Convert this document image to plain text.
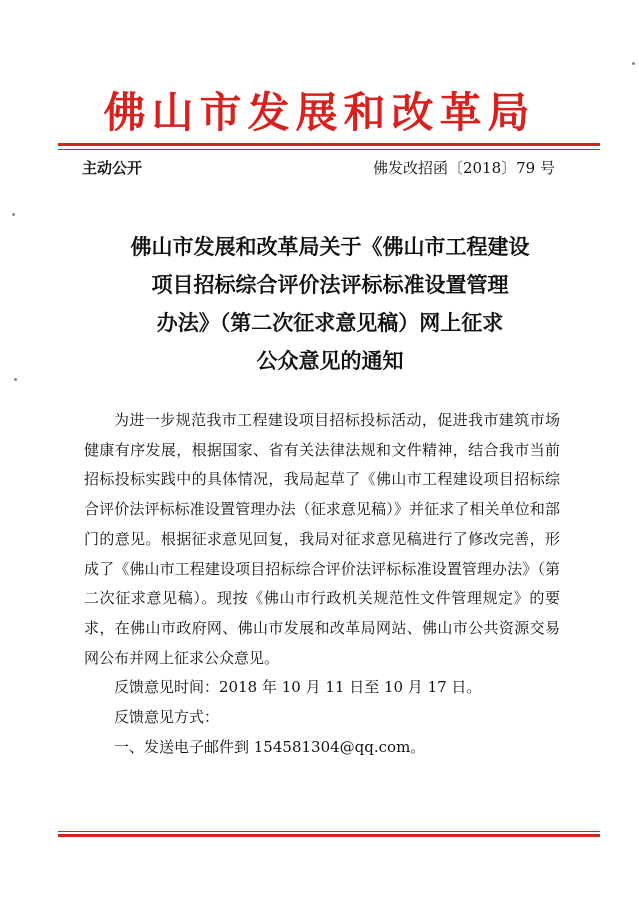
佛山市发展和改革局
主动公开	佛发改招函〔2018〕79 号
佛山市发展和改革局关于《佛山市工程建设
项目招标综合评价法评标标准设置管理
办法》（第二次征求意见稿）网上征求
公众意见的通知

为进一步规范我市工程建设项目招标投标活动，促进我市建筑市场健康有序发展，根据国家、省有关法律法规和文件精神，结合我市当前招标投标实践中的具体情况，我局起草了《佛山市工程建设项目招标综合评价法评标标准设置管理办法（征求意见稿）》并征求了相关单位和部门的意见。根据征求意见回复，我局对征求意见稿进行了修改完善，形成了《佛山市工程建设项目招标综合评价法评标标准设置管理办法》（第二次征求意见稿）。现按《佛山市行政机关规范性文件管理规定》的要求，在佛山市政府网、佛山市发展和改革局网站、佛山市公共资源交易网公布并网上征求公众意见。

反馈意见时间：2018 年 10 月 11 日至 10 月 17 日。

反馈意见方式：

一、发送电子邮件到 154581304@qq.com。
